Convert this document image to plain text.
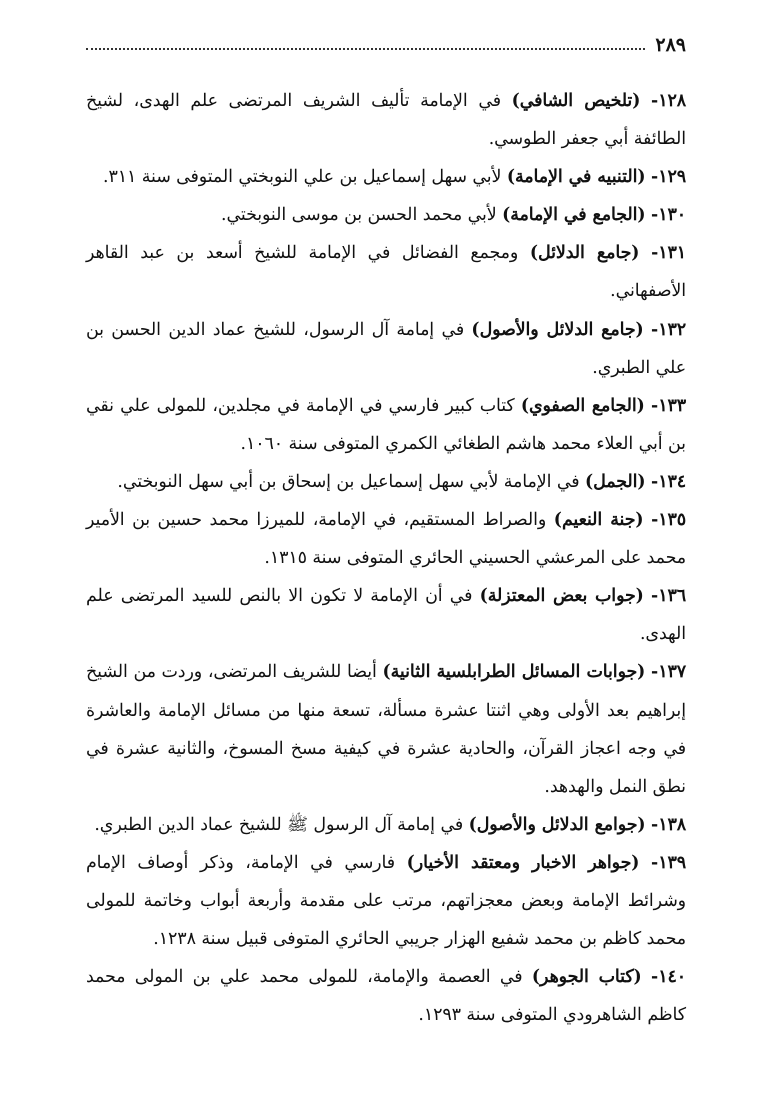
٢٨٩

١٢٨- (تلخيص الشافي) في الإمامة تأليف الشريف المرتضى علم الهدى، لشيخ الطائفة أبي جعفر الطوسي.

١٢٩- (التنبيه في الإمامة) لأبي سهل إسماعيل بن علي النوبختي المتوفى سنة ٣١١.

١٣٠- (الجامع في الإمامة) لأبي محمد الحسن بن موسى النوبختي.

١٣١- (جامع الدلائل) ومجمع الفضائل في الإمامة للشيخ أسعد بن عبد القاهر الأصفهاني.

١٣٢- (جامع الدلائل والأصول) في إمامة آل الرسول، للشيخ عماد الدين الحسن بن علي الطبري.

١٣٣- (الجامع الصفوي) كتاب كبير فارسي في الإمامة في مجلدين، للمولى علي نقي بن أبي العلاء محمد هاشم الطغائي الكمري المتوفى سنة ١٠٦٠.

١٣٤- (الجمل) في الإمامة لأبي سهل إسماعيل بن إسحاق بن أبي سهل النوبختي.

١٣٥- (جنة النعيم) والصراط المستقيم، في الإمامة، للميرزا محمد حسين بن الأمير محمد على المرعشي الحسيني الحائري المتوفى سنة ١٣١٥.

١٣٦- (جواب بعض المعتزلة) في أن الإمامة لا تكون الا بالنص للسيد المرتضى علم الهدى.

١٣٧- (جوابات المسائل الطرابلسية الثانية) أيضا للشريف المرتضى، وردت من الشيخ إبراهيم بعد الأولى وهي اثنتا عشرة مسألة، تسعة منها من مسائل الإمامة والعاشرة في وجه اعجاز القرآن، والحادية عشرة في كيفية مسخ المسوخ، والثانية عشرة في نطق النمل والهدهد.

١٣٨- (جوامع الدلائل والأصول) في إمامة آل الرسول ﷺ للشيخ عماد الدين الطبري.

١٣٩- (جواهر الاخبار ومعتقد الأخيار) فارسي في الإمامة، وذكر أوصاف الإمام وشرائط الإمامة وبعض معجزاتهم، مرتب على مقدمة وأربعة أبواب وخاتمة للمولى محمد كاظم بن محمد شفيع الهزار جريبي الحائري المتوفى قبيل سنة ١٢٣٨.

١٤٠- (كتاب الجوهر) في العصمة والإمامة، للمولى محمد علي بن المولى محمد كاظم الشاهرودي المتوفى سنة ١٢٩٣.
